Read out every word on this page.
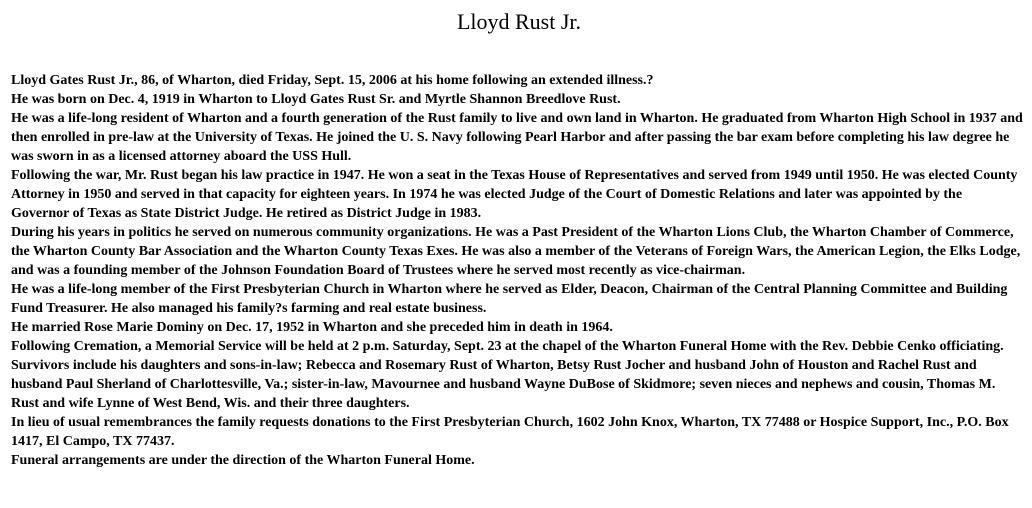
Lloyd Rust Jr.

Lloyd Gates Rust Jr., 86, of Wharton, died Friday, Sept. 15, 2006 at his home following an extended illness.?

He was born on Dec. 4, 1919 in Wharton to Lloyd Gates Rust Sr. and Myrtle Shannon Breedlove Rust.

He was a life-long resident of Wharton and a fourth generation of the Rust family to live and own land in Wharton. He graduated from Wharton High School in 1937 and then enrolled in pre-law at the University of Texas. He joined the U. S. Navy following Pearl Harbor and after passing the bar exam before completing his law degree he was sworn in as a licensed attorney aboard the USS Hull.

Following the war, Mr. Rust began his law practice in 1947. He won a seat in the Texas House of Representatives and served from 1949 until 1950. He was elected County Attorney in 1950 and served in that capacity for eighteen years. In 1974 he was elected Judge of the Court of Domestic Relations and later was appointed by the Governor of Texas as State District Judge. He retired as District Judge in 1983.

During his years in politics he served on numerous community organizations. He was a Past President of the Wharton Lions Club, the Wharton Chamber of Commerce, the Wharton County Bar Association and the Wharton County Texas Exes. He was also a member of the Veterans of Foreign Wars, the American Legion, the Elks Lodge, and was a founding member of the Johnson Foundation Board of Trustees where he served most recently as vice-chairman.

He was a life-long member of the First Presbyterian Church in Wharton where he served as Elder, Deacon, Chairman of the Central Planning Committee and Building Fund Treasurer. He also managed his family?s farming and real estate business.

He married Rose Marie Dominy on Dec. 17, 1952 in Wharton and she preceded him in death in 1964.

Following Cremation, a Memorial Service will be held at 2 p.m. Saturday, Sept. 23 at the chapel of the Wharton Funeral Home with the Rev. Debbie Cenko officiating.

Survivors include his daughters and sons-in-law; Rebecca and Rosemary Rust of Wharton, Betsy Rust Jocher and husband John of Houston and Rachel Rust and husband Paul Sherland of Charlottesville, Va.; sister-in-law, Mavournee and husband Wayne DuBose of Skidmore; seven nieces and nephews and cousin, Thomas M. Rust and wife Lynne of West Bend, Wis. and their three daughters.

In lieu of usual remembrances the family requests donations to the First Presbyterian Church, 1602 John Knox, Wharton, TX 77488 or Hospice Support, Inc., P.O. Box 1417, El Campo, TX 77437.

Funeral arrangements are under the direction of the Wharton Funeral Home.
